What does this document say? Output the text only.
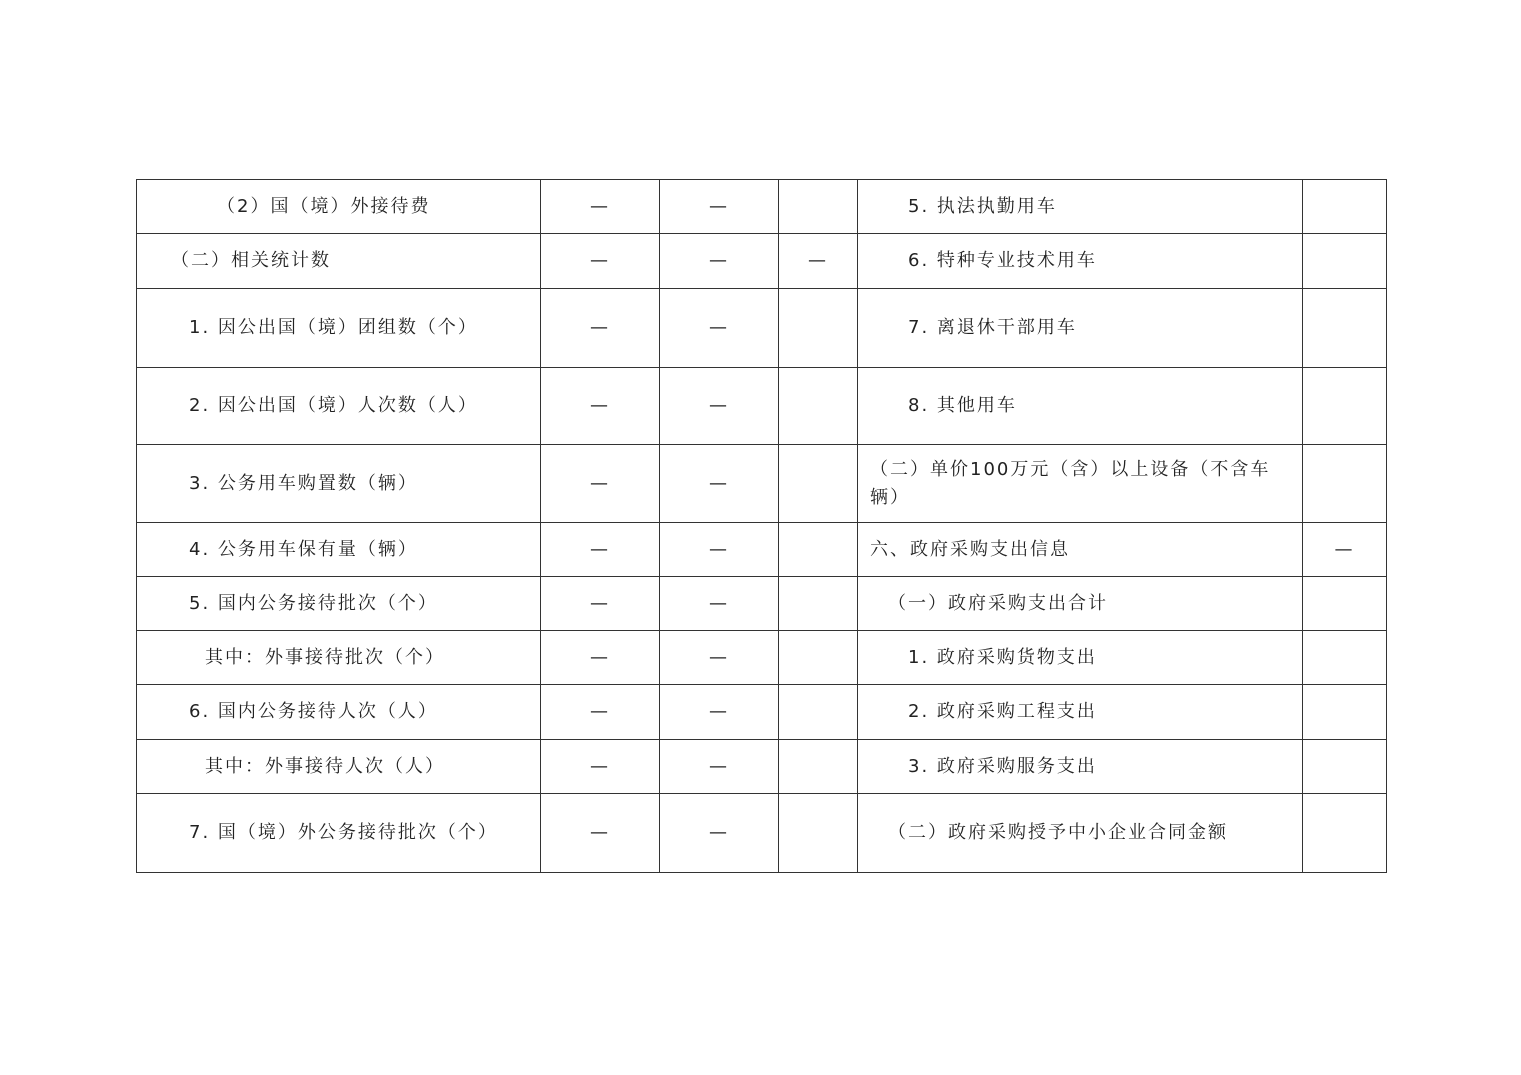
（2）国（境）外接待费	—	—		5. 执法执勤用车	
（二）相关统计数	—	—	—	6. 特种专业技术用车	
1. 因公出国（境）团组数（个）	—	—		7. 离退休干部用车	
2. 因公出国（境）人次数（人）	—	—		8. 其他用车	
3. 公务用车购置数（辆）	—	—		（二）单价100万元（含）以上设备（不含车辆）	
4. 公务用车保有量（辆）	—	—		六、政府采购支出信息	—
5. 国内公务接待批次（个）	—	—		（一）政府采购支出合计	
其中：外事接待批次（个）	—	—		1. 政府采购货物支出	
6. 国内公务接待人次（人）	—	—		2. 政府采购工程支出	
其中：外事接待人次（人）	—	—		3. 政府采购服务支出	
7. 国（境）外公务接待批次（个）	—	—		（二）政府采购授予中小企业合同金额	
